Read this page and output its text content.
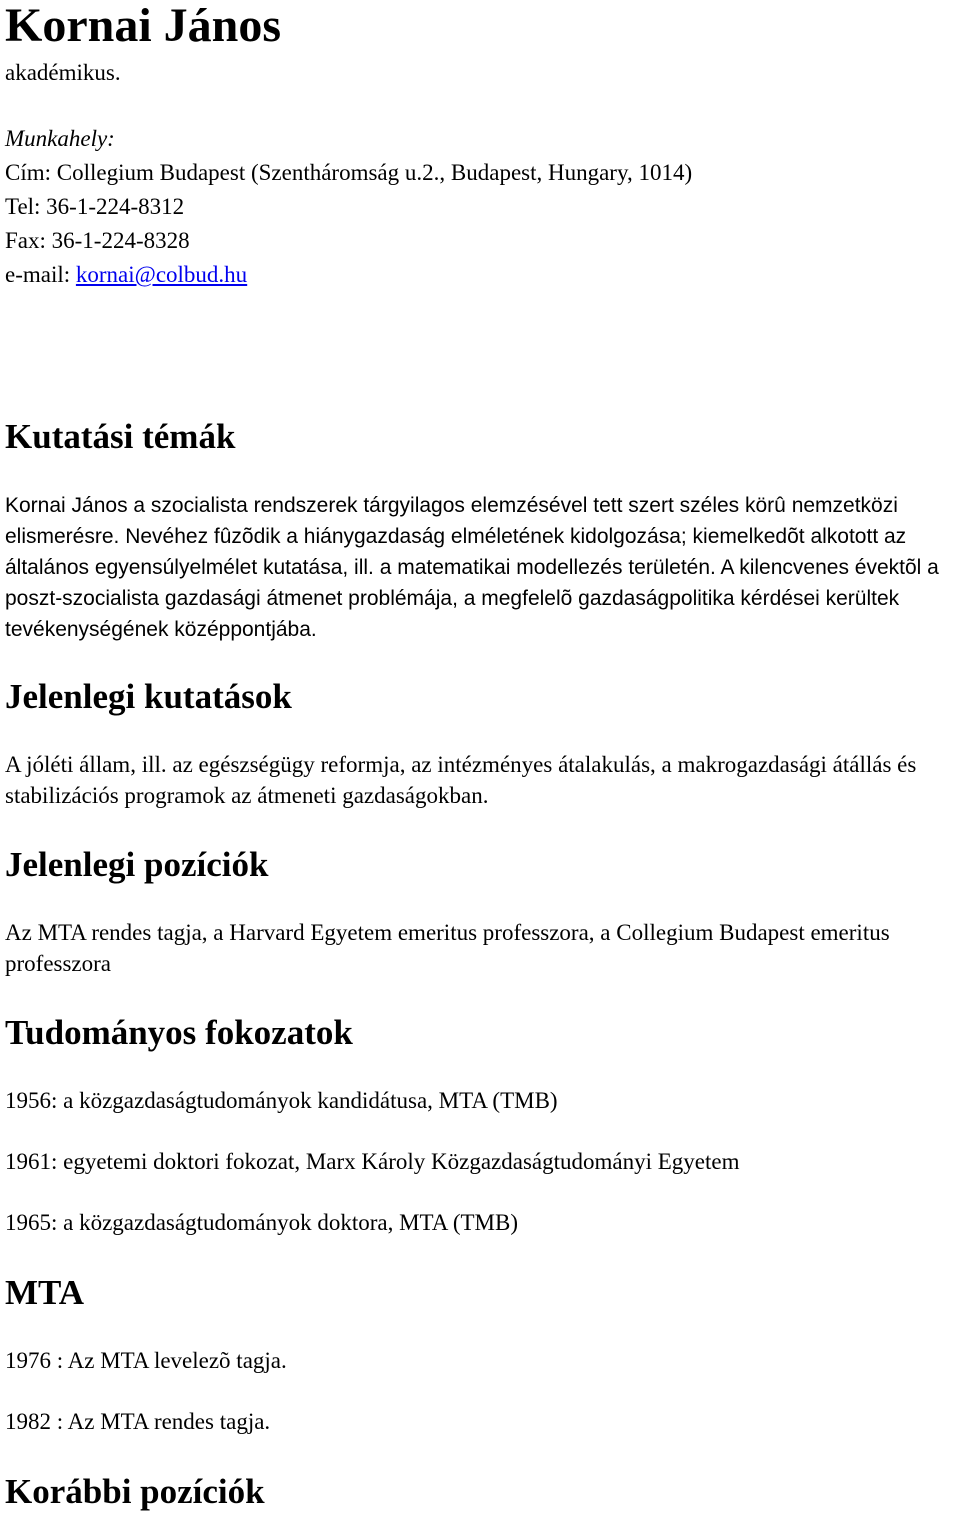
Kornai János

akadémikus.

Munkahely:

Cím: Collegium Budapest (Szentháromság u.2., Budapest, Hungary, 1014)

Tel: 36-1-224-8312

Fax: 36-1-224-8328

e-mail: kornai@colbud.hu

Kutatási témák

Kornai János a szocialista rendszerek tárgyilagos elemzésével tett szert széles körû nemzetközi elismerésre. Nevéhez fûzõdik a hiánygazdaság elméletének kidolgozása; kiemelkedõt alkotott az általános egyensúlyelmélet kutatása, ill. a matematikai modellezés területén. A kilencvenes évektõl a poszt-szocialista gazdasági átmenet problémája, a megfelelõ gazdaságpolitika kérdései kerültek tevékenységének középpontjába.

Jelenlegi kutatások

A jóléti állam, ill. az egészségügy reformja, az intézményes átalakulás, a makrogazdasági átállás és stabilizációs programok az átmeneti gazdaságokban.

Jelenlegi pozíciók

Az MTA rendes tagja, a Harvard Egyetem emeritus professzora, a Collegium Budapest emeritus professzora

Tudományos fokozatok

1956: a közgazdaságtudományok kandidátusa, MTA (TMB)

1961: egyetemi doktori fokozat, Marx Károly Közgazdaságtudományi Egyetem

1965: a közgazdaságtudományok doktora, MTA (TMB)

MTA

1976 : Az MTA levelezõ tagja.

1982 : Az MTA rendes tagja.

Korábbi pozíciók
